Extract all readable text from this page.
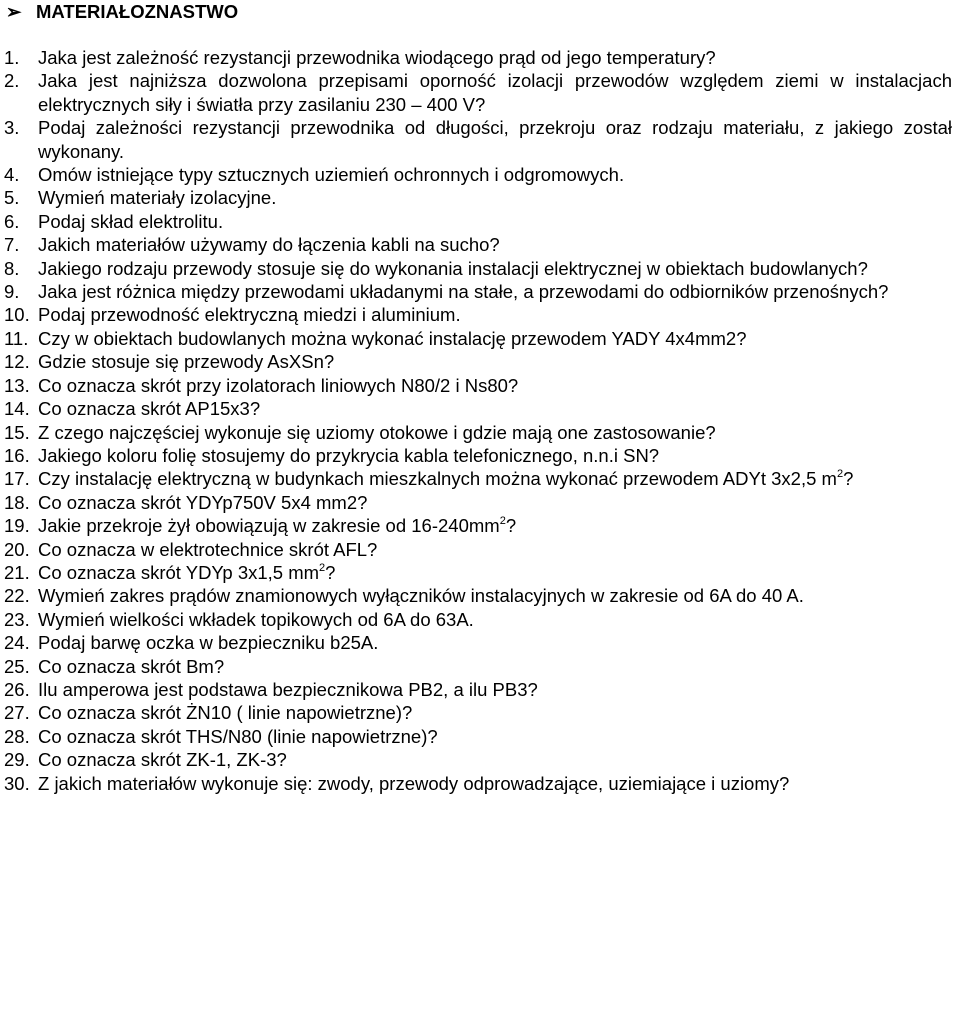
➢ MATERIAŁOZNASTWO
1. Jaka jest zależność rezystancji przewodnika wiodącego prąd od jego temperatury?
2. Jaka jest najniższa dozwolona przepisami oporność izolacji przewodów względem ziemi w instalacjach elektrycznych siły i światła przy zasilaniu 230 – 400 V?
3. Podaj zależności rezystancji przewodnika od długości, przekroju oraz rodzaju materiału, z jakiego został wykonany.
4. Omów istniejące typy sztucznych uziemień ochronnych i odgromowych.
5. Wymień materiały izolacyjne.
6. Podaj skład elektrolitu.
7. Jakich materiałów używamy do łączenia kabli na sucho?
8. Jakiego rodzaju przewody stosuje się do wykonania instalacji elektrycznej w obiektach budowlanych?
9. Jaka jest różnica między przewodami układanymi na stałe, a przewodami do odbiorników przenośnych?
10. Podaj przewodność elektryczną miedzi i aluminium.
11. Czy w obiektach budowlanych można wykonać instalację przewodem YADY 4x4mm2?
12. Gdzie stosuje się przewody AsXSn?
13. Co oznacza skrót przy izolatorach liniowych N80/2 i Ns80?
14. Co oznacza skrót AP15x3?
15. Z czego najczęściej wykonuje się uziomy otokowe i gdzie mają one zastosowanie?
16. Jakiego koloru folię stosujemy do przykrycia kabla telefonicznego, n.n.i SN?
17. Czy instalację elektryczną w budynkach mieszkalnych można wykonać przewodem ADYt 3x2,5 $m^2$?
18. Co oznacza skrót YDYp750V 5x4 mm2?
19. Jakie przekroje żył obowiązują w zakresie od $16-240mm^2$?
20. Co oznacza w elektrotechnice skrót AFL?
21. Co oznacza skrót YDYp 3x1,5 $mm^2$?
22. Wymień zakres prądów znamionowych wyłączników instalacyjnych w zakresie od 6A do 40 A.
23. Wymień wielkości wkładek topikowych od 6A do 63A.
24. Podaj barwę oczka w bezpieczniku b25A.
25. Co oznacza skrót Bm?
26. Ilu amperowa jest podstawa bezpiecznikowa PB2, a ilu PB3?
27. Co oznacza skrót ŻN10 ( linie napowietrzne)?
28. Co oznacza skrót THS/N80 (linie napowietrzne)?
29. Co oznacza skrót ZK-1, ZK-3?
30. Z jakich materiałów wykonuje się: zwody, przewody odprowadzające, uziemiające i uziomy?
